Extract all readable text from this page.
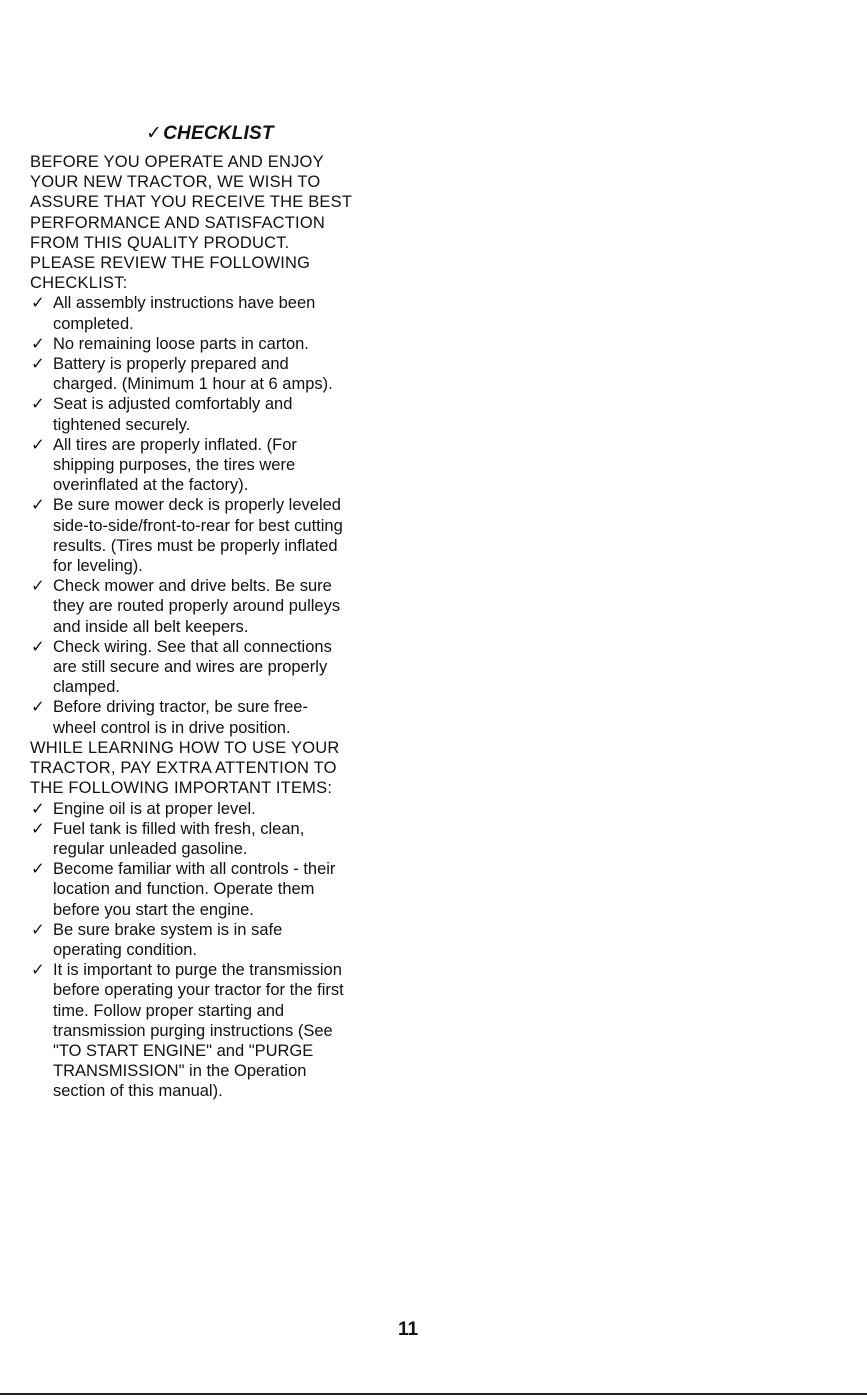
✓CHECKLIST
BEFORE YOU OPERATE AND ENJOY
YOUR NEW TRACTOR, WE WISH TO
ASSURE THAT YOU RECEIVE THE BEST
PERFORMANCE AND SATISFACTION
FROM THIS QUALITY PRODUCT.
PLEASE REVIEW THE FOLLOWING
CHECKLIST:
✓ All assembly instructions have been
completed.
✓ No remaining loose parts in carton.
✓ Battery is properly prepared and
charged. (Minimum 1 hour at 6 amps).
✓ Seat is adjusted comfortably and
tightened securely.
✓ All tires are properly inflated. (For
shipping purposes, the tires were
overinflated at the factory).
✓ Be sure mower deck is properly leveled
side-to-side/front-to-rear for best cutting
results. (Tires must be properly inflated
for leveling).
✓ Check mower and drive belts. Be sure
they are routed properly around pulleys
and inside all belt keepers.
✓ Check wiring. See that all connections
are still secure and wires are properly
clamped.
✓ Before driving tractor, be sure free-
wheel control is in drive position.
WHILE LEARNING HOW TO USE YOUR
TRACTOR, PAY EXTRA ATTENTION TO
THE FOLLOWING IMPORTANT ITEMS:
✓ Engine oil is at proper level.
✓ Fuel tank is filled with fresh, clean,
regular unleaded gasoline.
✓ Become familiar with all controls - their
location and function. Operate them
before you start the engine.
✓ Be sure brake system is in safe
operating condition.
✓ It is important to purge the transmission
before operating your tractor for the first
time. Follow proper starting and
transmission purging instructions (See
"TO START ENGINE" and "PURGE
TRANSMISSION" in the Operation
section of this manual).
11
